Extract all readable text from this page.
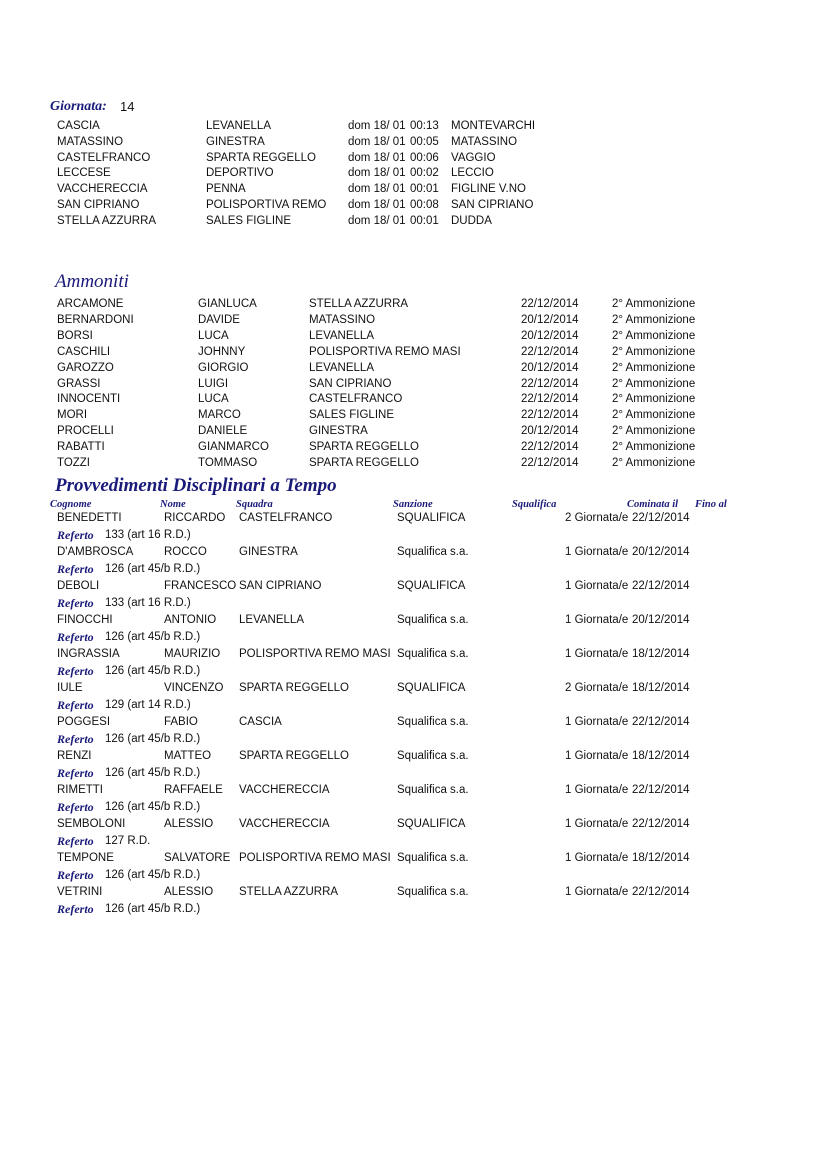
Giornata: 14
CASCIA	LEVANELLA	dom 18/ 01 00:13 MONTEVARCHI
MATASSINO	GINESTRA	dom 18/ 01 00:05 MATASSINO
CASTELFRANCO	SPARTA REGGELLO	dom 18/ 01 00:06 VAGGIO
LECCESE	DEPORTIVO	dom 18/ 01 00:02 LECCIO
VACCHERECCIA	PENNA	dom 18/ 01 00:01 FIGLINE V.NO
SAN CIPRIANO	POLISPORTIVA REMO dom 18/ 01 00:08 SAN CIPRIANO
STELLA AZZURRA	SALES FIGLINE	dom 18/ 01 00:01 DUDDA
Ammoniti
ARCAMONE	GIANLUCA	STELLA AZZURRA	22/12/2014	2° Ammonizione
BERNARDONI	DAVIDE	MATASSINO	20/12/2014	2° Ammonizione
BORSI	LUCA	LEVANELLA	20/12/2014	2° Ammonizione
CASCHILI	JOHNNY	POLISPORTIVA REMO MASI	22/12/2014	2° Ammonizione
GAROZZO	GIORGIO	LEVANELLA	20/12/2014	2° Ammonizione
GRASSI	LUIGI	SAN CIPRIANO	22/12/2014	2° Ammonizione
INNOCENTI	LUCA	CASTELFRANCO	22/12/2014	2° Ammonizione
MORI	MARCO	SALES FIGLINE	22/12/2014	2° Ammonizione
PROCELLI	DANIELE	GINESTRA	20/12/2014	2° Ammonizione
RABATTI	GIANMARCO	SPARTA REGGELLO	22/12/2014	2° Ammonizione
TOZZI	TOMMASO	SPARTA REGGELLO	22/12/2014	2° Ammonizione
Provvedimenti Disciplinari a Tempo
Cognome	Nome	Squadra	Sanzione	Squalifica	Cominata il Fino al
BENEDETTI	RICCARDO CASTELFRANCO	SQUALIFICA	2 Giornata/e 22/12/2014
Referto 133 (art 16 R.D.)
D'AMBROSCA	ROCCO	GINESTRA	Squalifica s.a.	1 Giornata/e 20/12/2014
Referto 126 (art 45/b R.D.)
DEBOLI	FRANCESCO SAN CIPRIANO	SQUALIFICA	1 Giornata/e 22/12/2014
Referto 133 (art 16 R.D.)
FINOCCHI	ANTONIO LEVANELLA	Squalifica s.a.	1 Giornata/e 20/12/2014
Referto 126 (art 45/b R.D.)
INGRASSIA	MAURIZIO POLISPORTIVA REMO MASI Squalifica s.a.	1 Giornata/e 18/12/2014
Referto 126 (art 45/b R.D.)
IULE	VINCENZO SPARTA REGGELLO	SQUALIFICA	2 Giornata/e 18/12/2014
Referto 129 (art 14 R.D.)
POGGESI	FABIO	CASCIA	Squalifica s.a.	1 Giornata/e 22/12/2014
Referto 126 (art 45/b R.D.)
RENZI	MATTEO SPARTA REGGELLO	Squalifica s.a.	1 Giornata/e 18/12/2014
Referto 126 (art 45/b R.D.)
RIMETTI	RAFFAELE VACCHERECCIA	Squalifica s.a.	1 Giornata/e 22/12/2014
Referto 126 (art 45/b R.D.)
SEMBOLONI	ALESSIO VACCHERECCIA	SQUALIFICA	1 Giornata/e 22/12/2014
Referto 127 R.D.
TEMPONE	SALVATORE POLISPORTIVA REMO MASI Squalifica s.a.	1 Giornata/e 18/12/2014
Referto 126 (art 45/b R.D.)
VETRINI	ALESSIO STELLA AZZURRA	Squalifica s.a.	1 Giornata/e 22/12/2014
Referto 126 (art 45/b R.D.)
